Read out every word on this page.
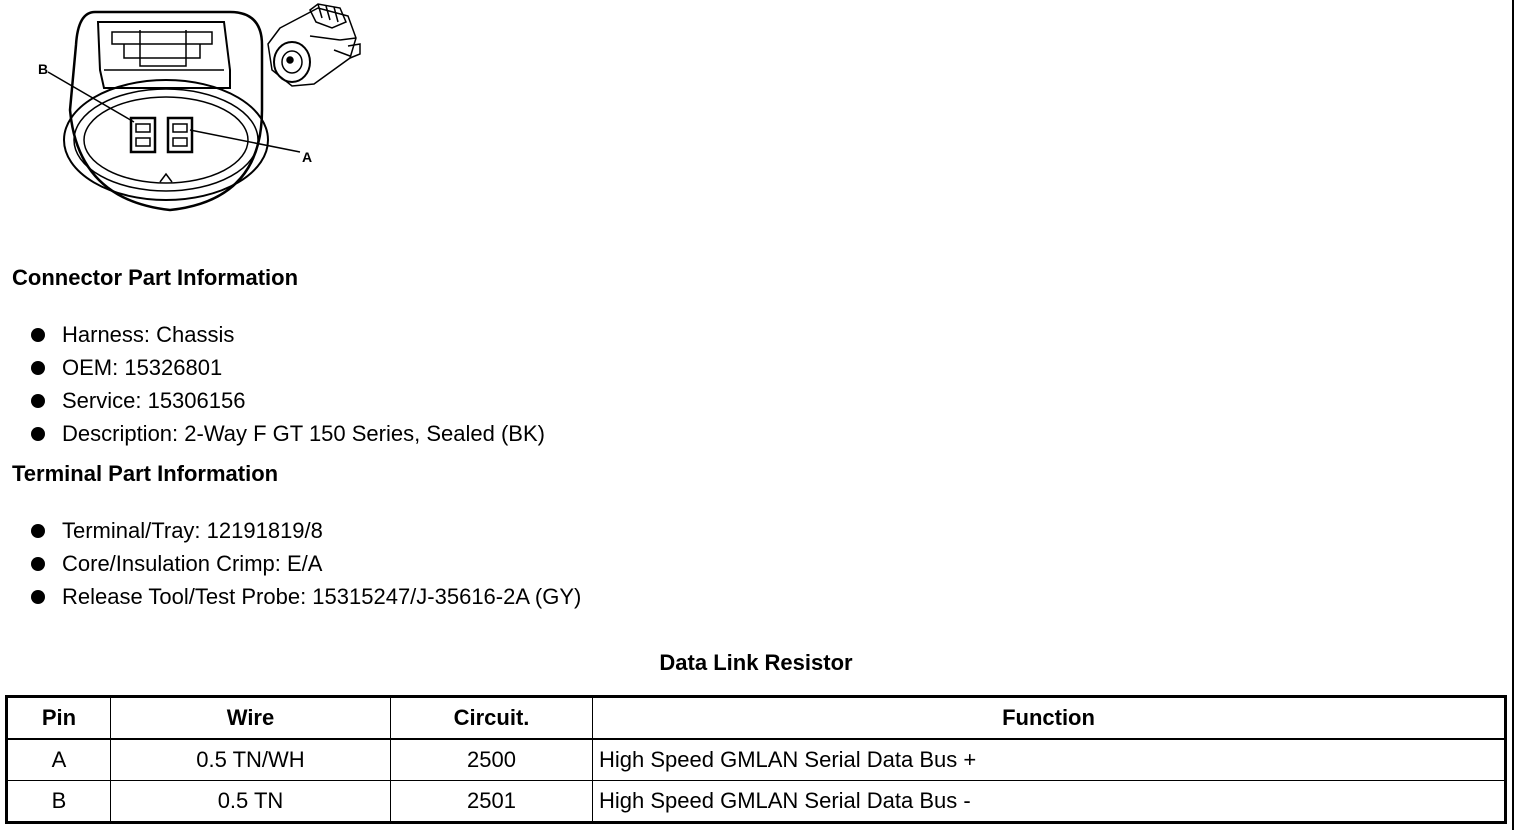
B
A
Connector Part Information
Harness: Chassis
OEM: 15326801
Service: 15306156
Description: 2-Way F GT 150 Series, Sealed (BK)
Terminal Part Information
Terminal/Tray: 12191819/8
Core/Insulation Crimp: E/A
Release Tool/Test Probe: 15315247/J-35616-2A (GY)
Data Link Resistor
Pin	Wire	Circuit.	Function
A	0.5 TN/WH	2500	High Speed GMLAN Serial Data Bus +
B	0.5 TN	2501	High Speed GMLAN Serial Data Bus -
